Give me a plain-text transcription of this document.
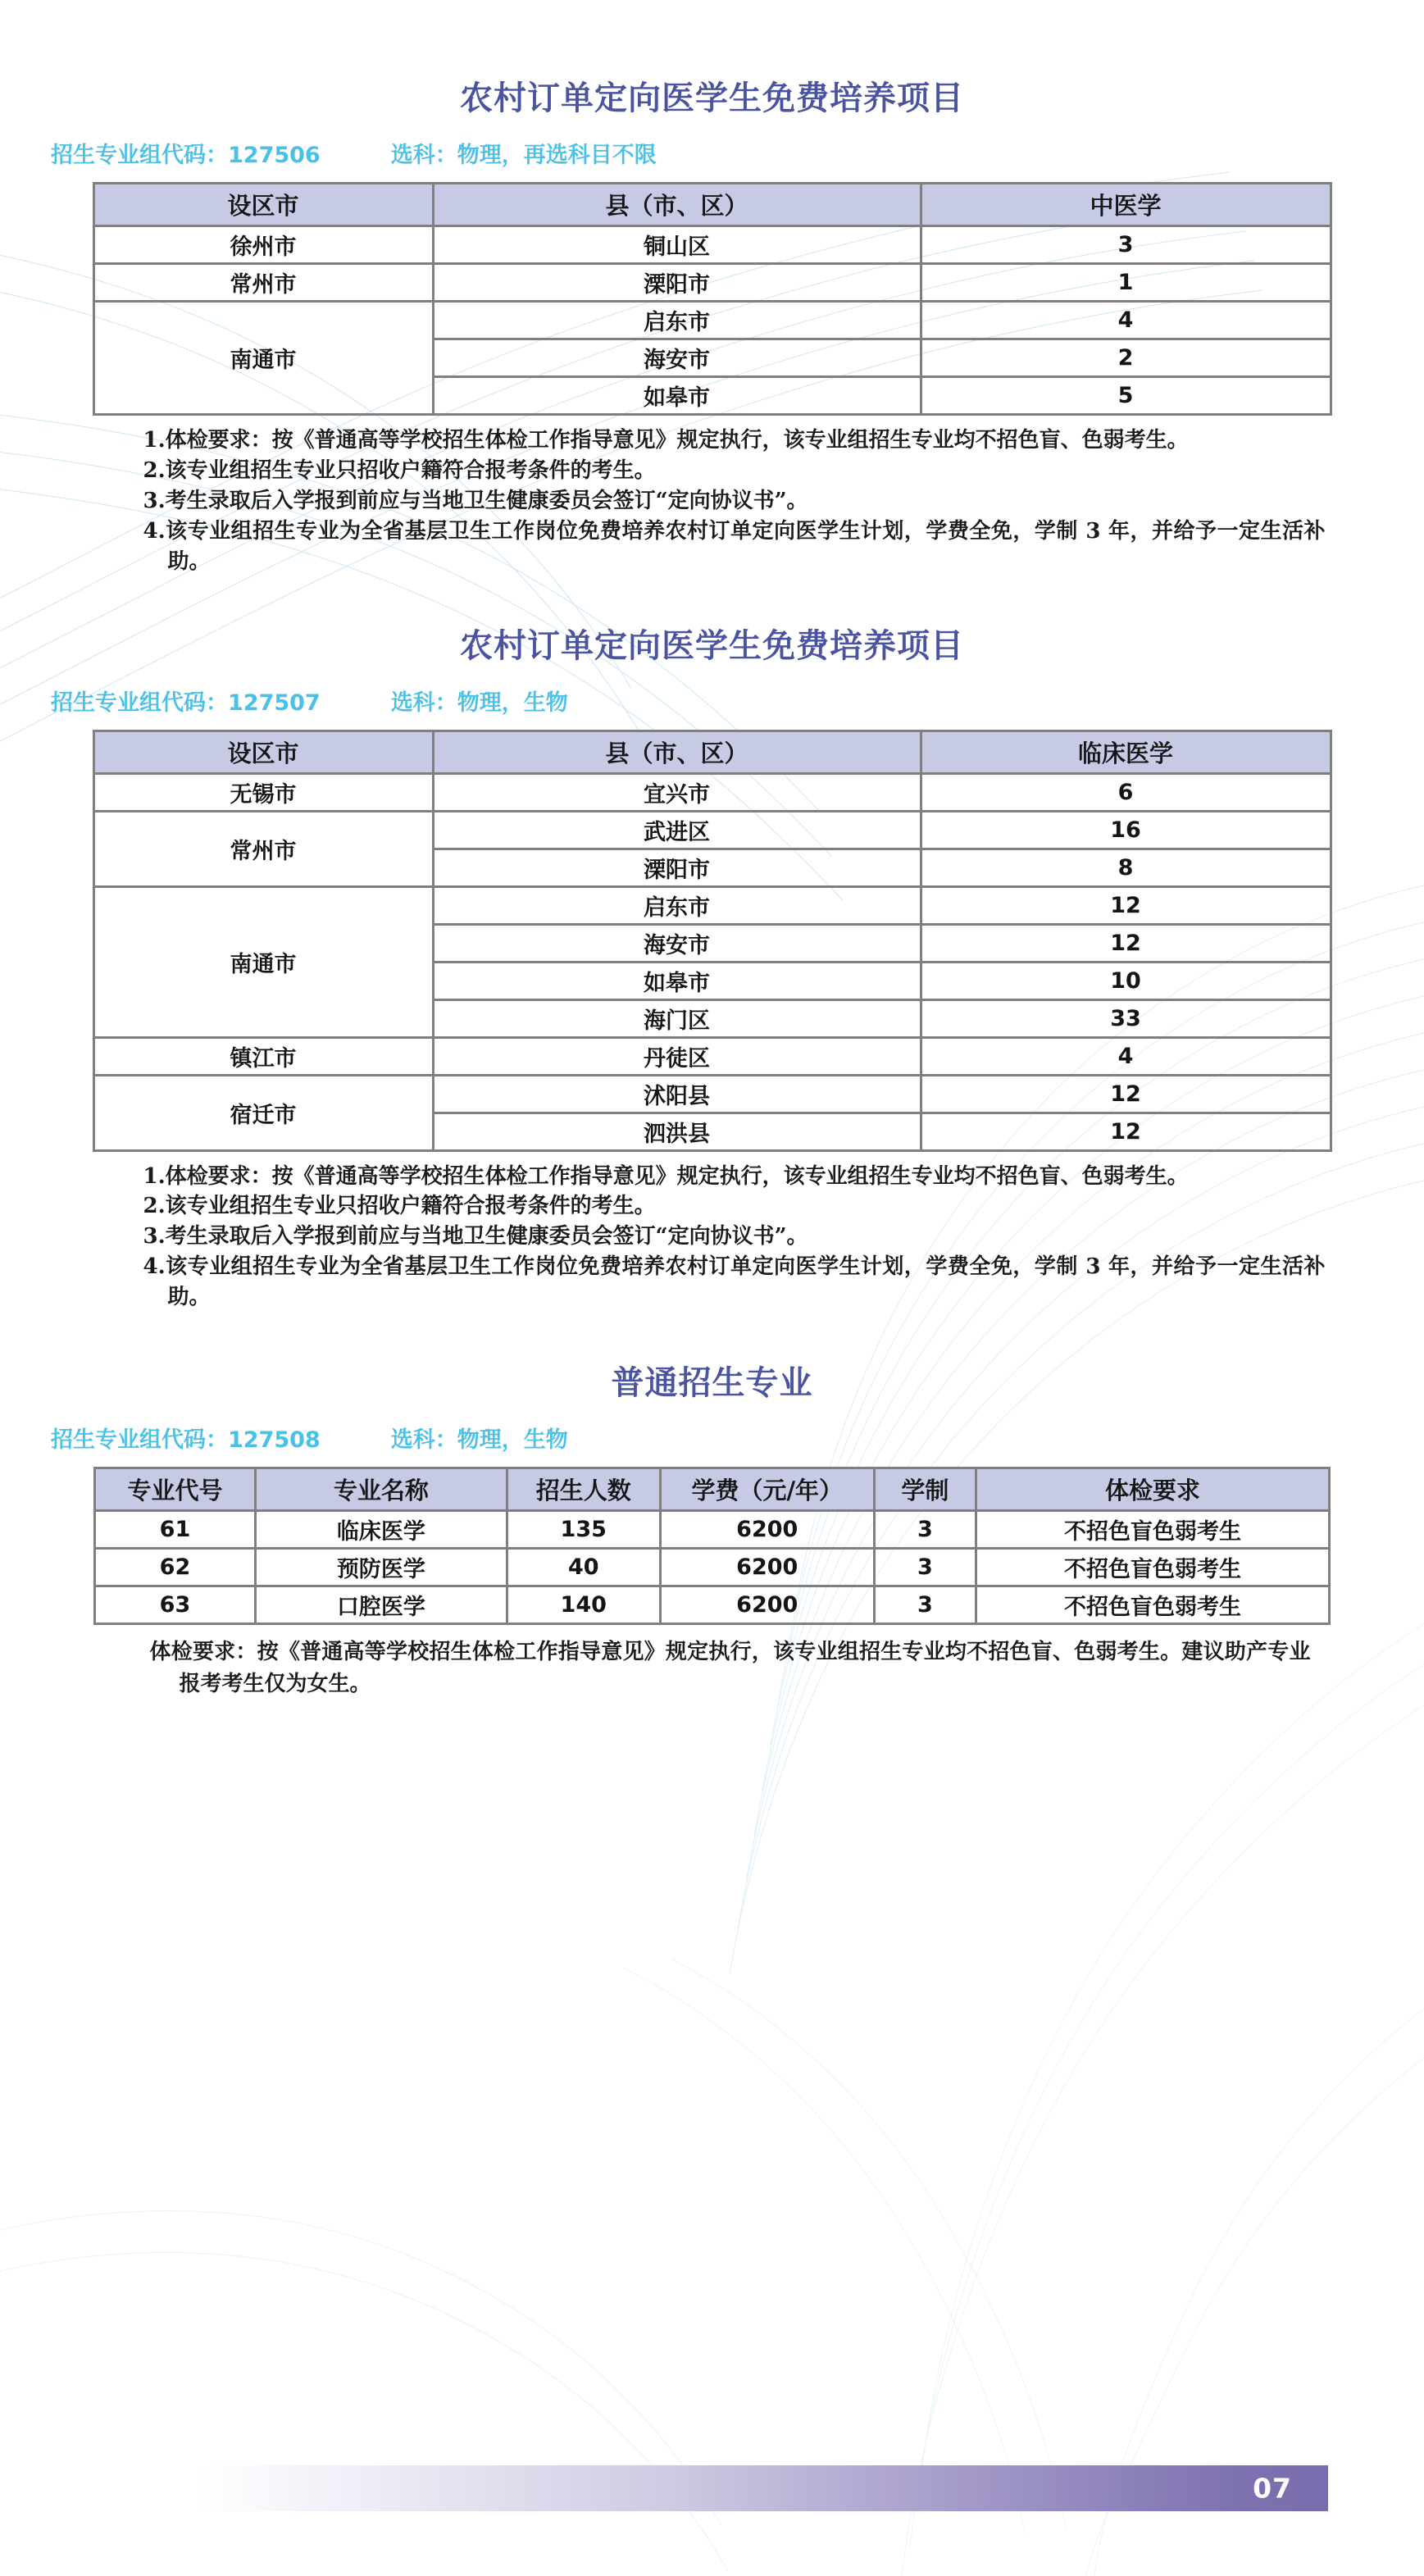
农村订单定向医学生免费培养项目
招生专业组代码：127506	选科：物理，再选科目不限
设区市	县（市、区）	中医学
徐州市	铜山区	3
常州市	溧阳市	1
南通市	启东市	4
	海安市	2
	如皋市	5
1.体检要求：按《普通高等学校招生体检工作指导意见》规定执行，该专业组招生专业均不招色盲、色弱考生。
2.该专业组招生专业只招收户籍符合报考条件的考生。
3.考生录取后入学报到前应与当地卫生健康委员会签订“定向协议书”。
4.该专业组招生专业为全省基层卫生工作岗位免费培养农村订单定向医学生计划，学费全免，学制 3 年，并给予一定生活补助。
农村订单定向医学生免费培养项目
招生专业组代码：127507	选科：物理，生物
设区市	县（市、区）	临床医学
无锡市	宜兴市	6
常州市	武进区	16
	溧阳市	8
南通市	启东市	12
	海安市	12
	如皋市	10
	海门区	33
镇江市	丹徒区	4
宿迁市	沭阳县	12
	泗洪县	12
1.体检要求：按《普通高等学校招生体检工作指导意见》规定执行，该专业组招生专业均不招色盲、色弱考生。
2.该专业组招生专业只招收户籍符合报考条件的考生。
3.考生录取后入学报到前应与当地卫生健康委员会签订“定向协议书”。
4.该专业组招生专业为全省基层卫生工作岗位免费培养农村订单定向医学生计划，学费全免，学制 3 年，并给予一定生活补助。
普通招生专业
招生专业组代码：127508	选科：物理，生物
专业代号	专业名称	招生人数	学费（元/年）	学制	体检要求
61	临床医学	135	6200	3	不招色盲色弱考生
62	预防医学	40	6200	3	不招色盲色弱考生
63	口腔医学	140	6200	3	不招色盲色弱考生
体检要求：按《普通高等学校招生体检工作指导意见》规定执行，该专业组招生专业均不招色盲、色弱考生。建议助产专业报考考生仅为女生。
07
